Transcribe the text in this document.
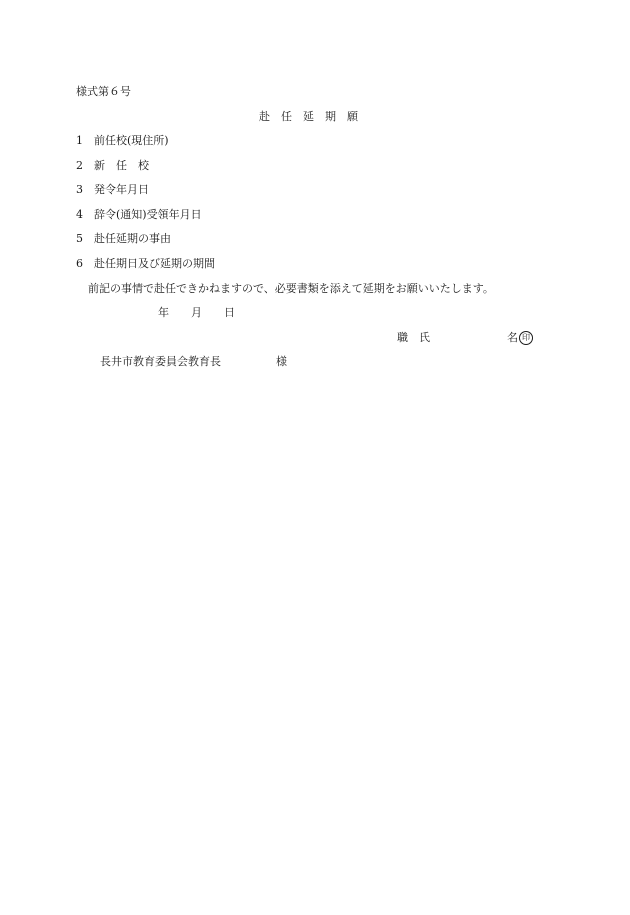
様式第６号
赴　任　延　期　願
1 前任校(現住所)
2 新　任　校
3 発令年月日
4 辞令(通知)受領年月日
5 赴任延期の事由
6 赴任期日及び延期の期間
前記の事情で赴任できかねますので、必要書類を添えて延期をお願いいたします。
年　　月　　日
職　氏　　　　　　　名 印
長井市教育委員会教育長　　　　　様
